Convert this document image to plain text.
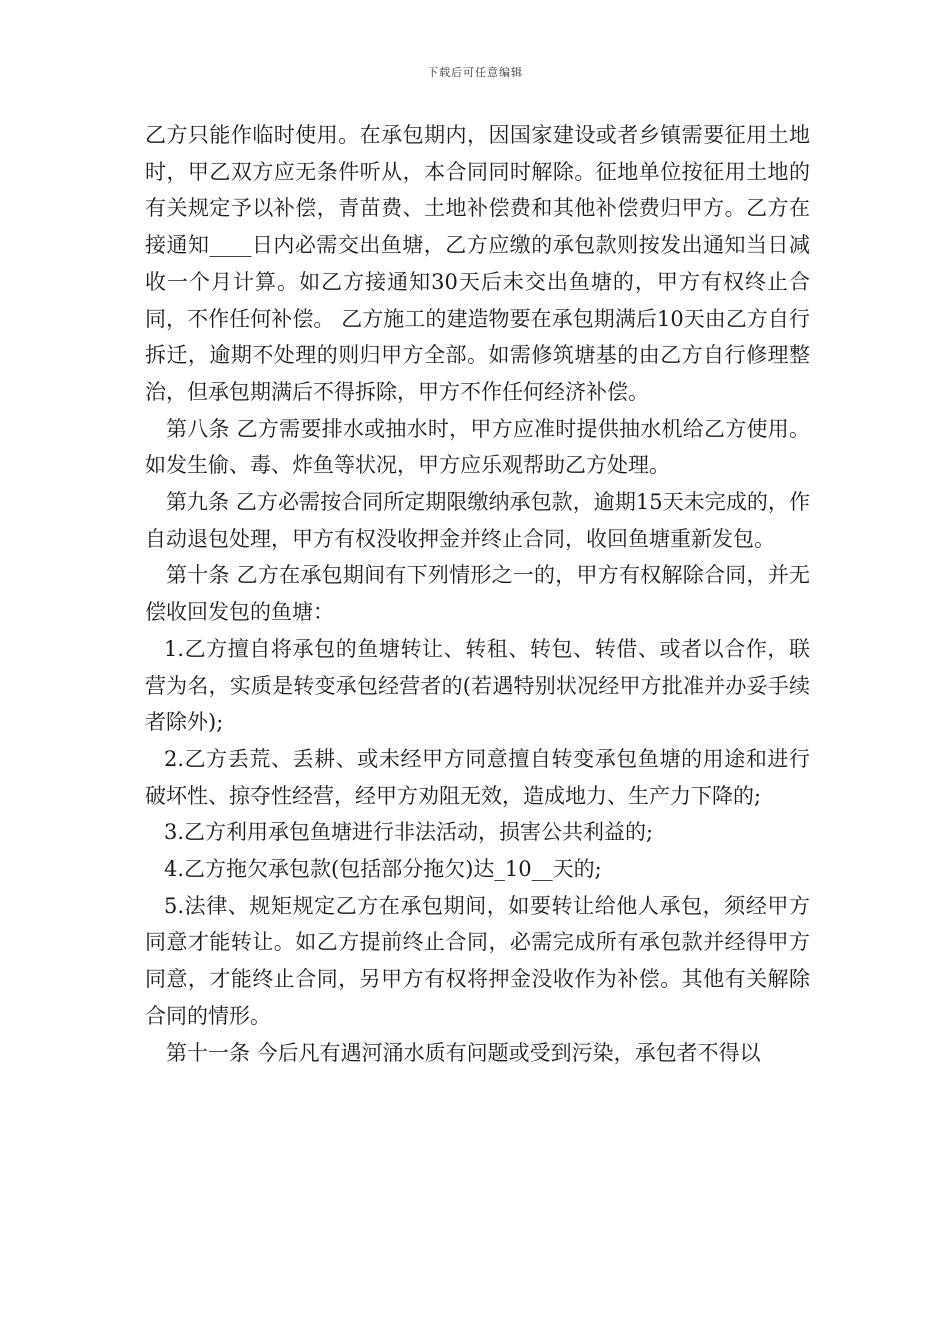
下载后可任意编辑

乙方只能作临时使用。在承包期内，因国家建设或者乡镇需要征用土地时，甲乙双方应无条件听从，本合同同时解除。征地单位按征用土地的有关规定予以补偿，青苗费、土地补偿费和其他补偿费归甲方。乙方在接通知____日内必需交出鱼塘，乙方应缴的承包款则按发出通知当日减收一个月计算。如乙方接通知30天后未交出鱼塘的，甲方有权终止合同，不作任何补偿。 乙方施工的建造物要在承包期满后10天由乙方自行拆迁，逾期不处理的则归甲方全部。如需修筑塘基的由乙方自行修理整治，但承包期满后不得拆除，甲方不作任何经济补偿。

第八条 乙方需要排水或抽水时，甲方应准时提供抽水机给乙方使用。如发生偷、毒、炸鱼等状况，甲方应乐观帮助乙方处理。

第九条 乙方必需按合同所定期限缴纳承包款，逾期15天未完成的，作自动退包处理，甲方有权没收押金并终止合同，收回鱼塘重新发包。

第十条 乙方在承包期间有下列情形之一的，甲方有权解除合同，并无偿收回发包的鱼塘：

1.乙方擅自将承包的鱼塘转让、转租、转包、转借、或者以合作，联营为名，实质是转变承包经营者的(若遇特别状况经甲方批准并办妥手续者除外);

2.乙方丢荒、丢耕、或未经甲方同意擅自转变承包鱼塘的用途和进行破坏性、掠夺性经营，经甲方劝阻无效，造成地力、生产力下降的;

3.乙方利用承包鱼塘进行非法活动，损害公共利益的;

4.乙方拖欠承包款(包括部分拖欠)达_10__天的;

5.法律、规矩规定乙方在承包期间，如要转让给他人承包，须经甲方同意才能转让。如乙方提前终止合同，必需完成所有承包款并经得甲方同意，才能终止合同，另甲方有权将押金没收作为补偿。其他有关解除合同的情形。

第十一条 今后凡有遇河涌水质有问题或受到污染，承包者不得以
